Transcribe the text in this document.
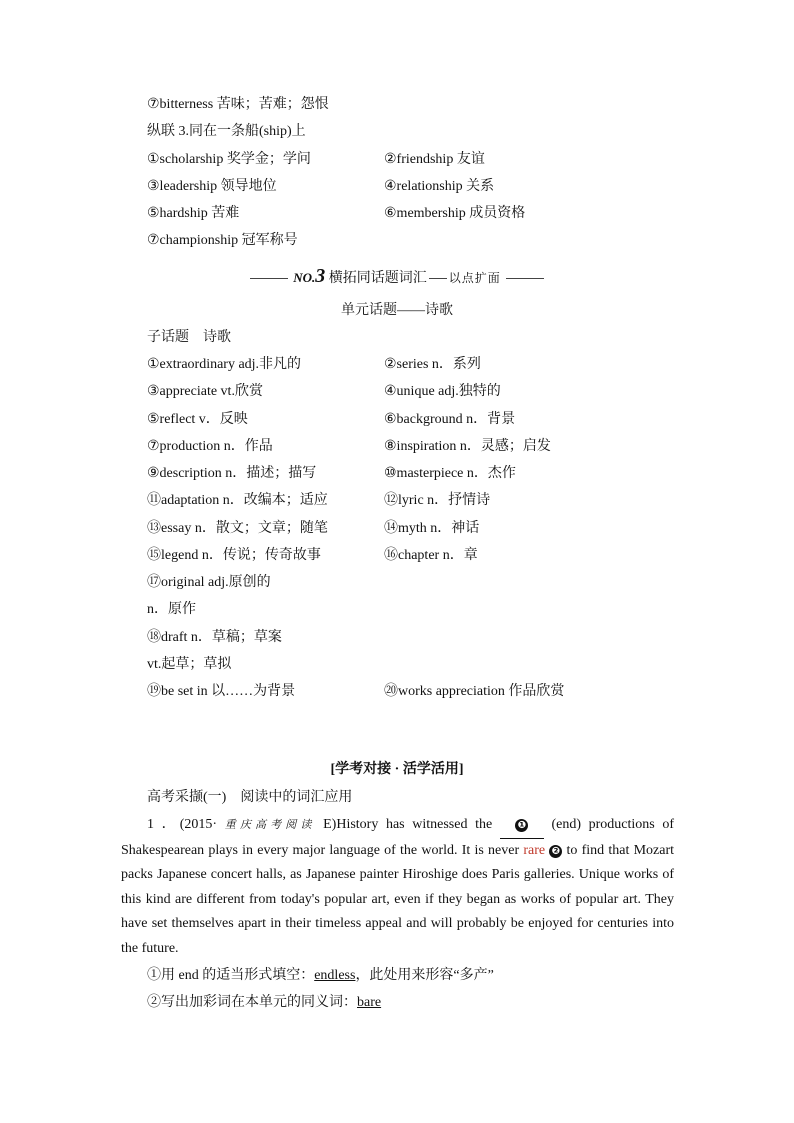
⑦bitterness 苦味；苦难；怨恨
纵联 3.同在一条船(ship)上
①scholarship 奖学金；学问	②friendship 友谊
③leadership 领导地位	④relationship 关系
⑤hardship 苦难	⑥membership 成员资格
⑦championship 冠军称号
NO.3 横拓同话题词汇 以点扩面
单元话题——诗歌
子话题　诗歌
①extraordinary adj.非凡的	②series n．系列
③appreciate vt.欣赏	④unique adj.独特的
⑤reflect v．反映	⑥background n．背景
⑦production n．作品	⑧inspiration n．灵感；启发
⑨description n．描述；描写	⑩masterpiece n．杰作
⑪adaptation n．改编本；适应	⑫lyric n．抒情诗
⑬essay n．散文；文章；随笔	⑭myth n．神话
⑮legend n．传说；传奇故事	⑯chapter n．章
⑰original adj.原创的
n．原作
⑱draft n．草稿；草案
vt.起草；草拟
⑲be set in 以……为背景	⑳works appreciation 作品欣赏
[学考对接 · 活学活用]
高考采撷(一)　阅读中的词汇应用
1 ．(2015· 重庆高考阅读 E)History has witnessed the	❶ (end) productions of Shakespearean plays in every major language of the world. It is never rare ❷ to find that Mozart packs Japanese concert halls, as Japanese painter Hiroshige does Paris galleries. Unique works of this kind are different from today's popular art, even if they began as works of popular art. They have set themselves apart in their timeless appeal and will probably be enjoyed for centuries into the future.
①用 end 的适当形式填空：endless，此处用来形容“多产”
②写出加彩词在本单元的同义词：bare
